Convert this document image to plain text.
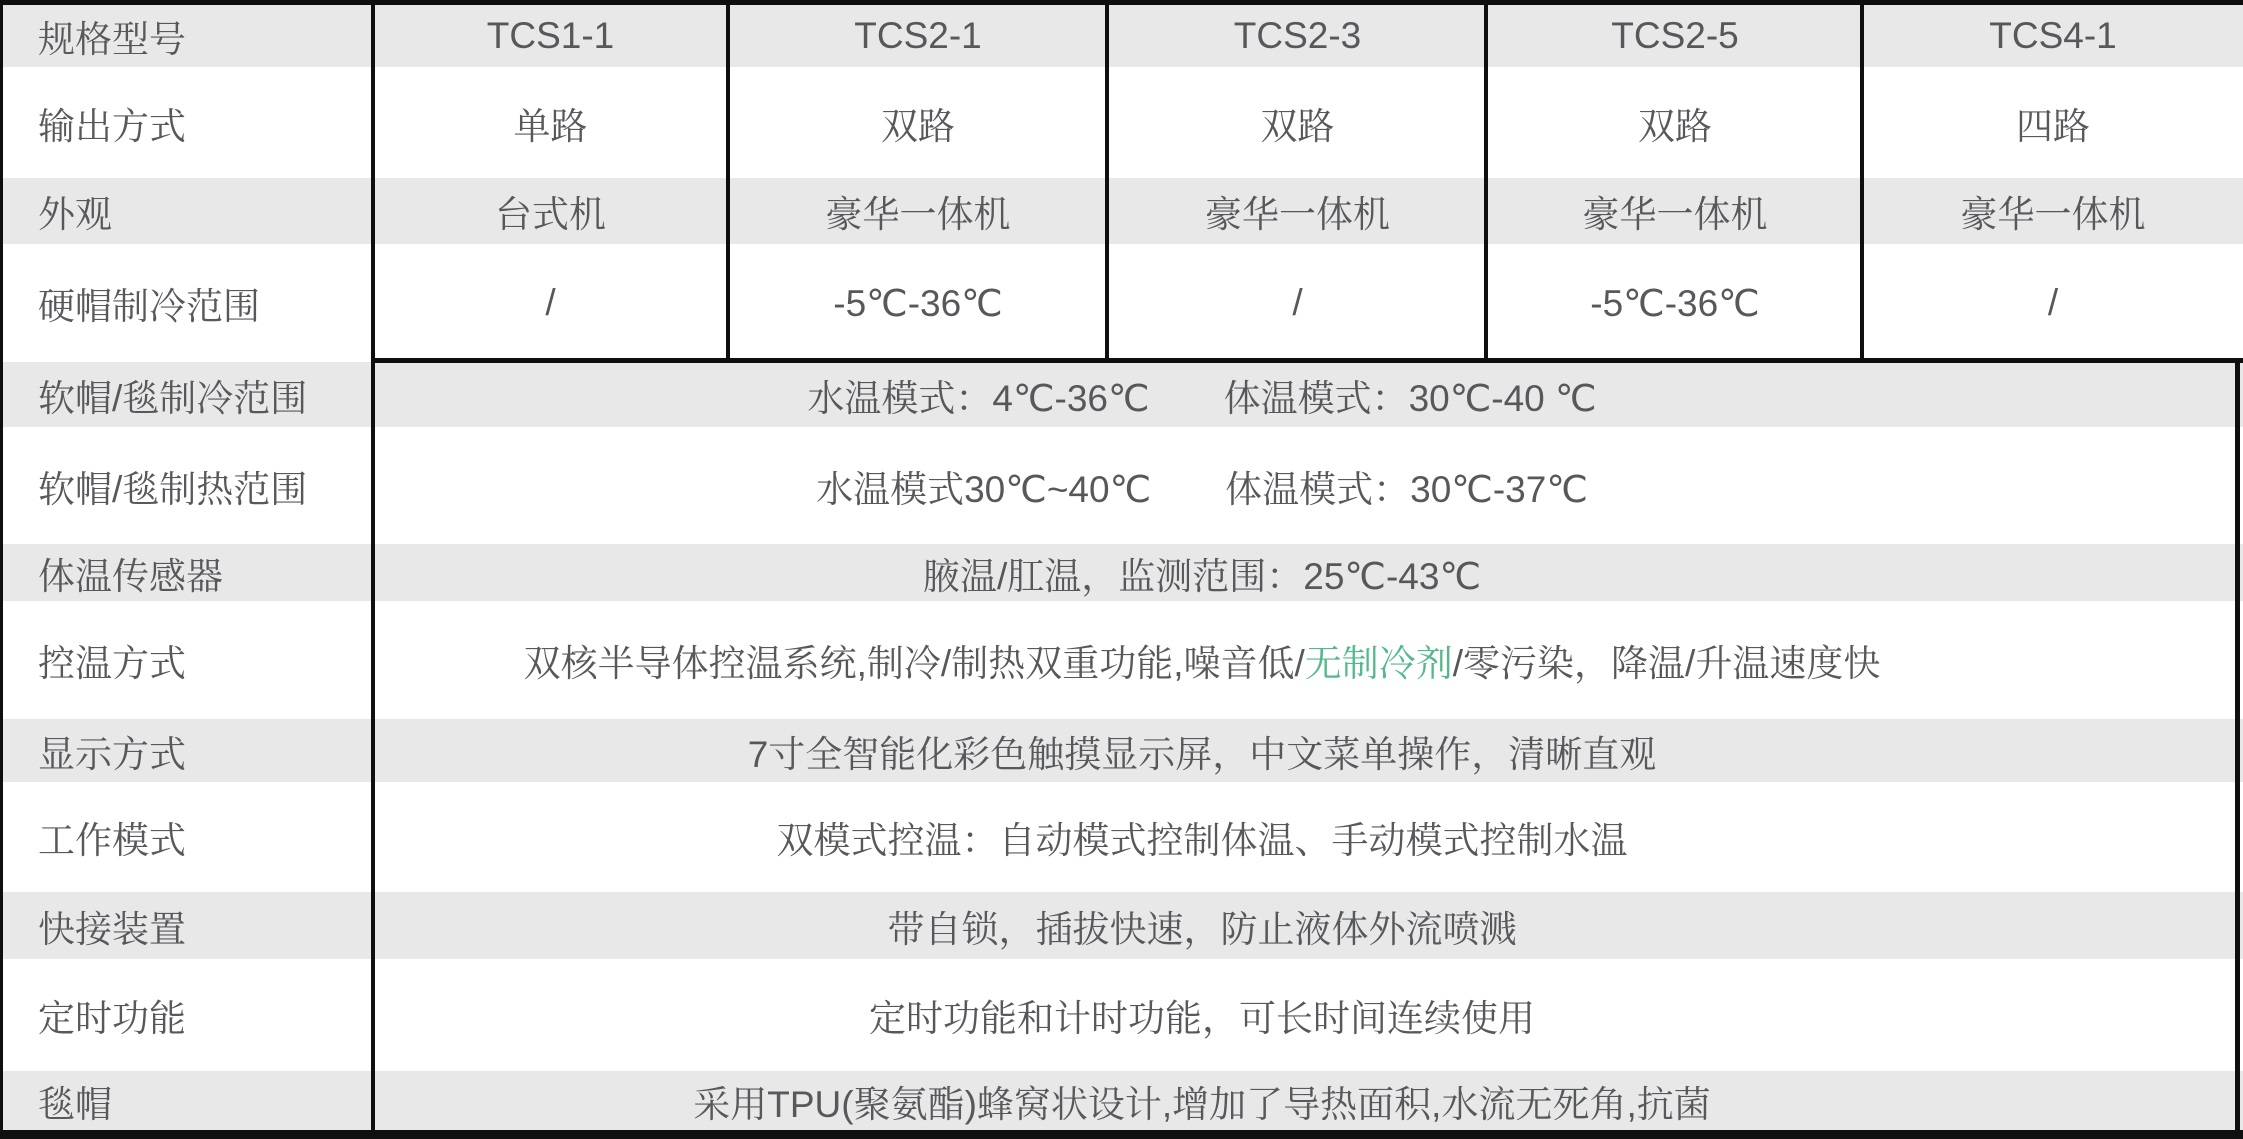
规格型号	TCS1-1	TCS2-1	TCS2-3	TCS2-5	TCS4-1
输出方式	单路	双路	双路	双路	四路
外观	台式机	豪华一体机	豪华一体机	豪华一体机	豪华一体机
硬帽制冷范围	/	-5℃-36℃	/	-5℃-36℃	/
软帽/毯制冷范围	水温模式：4℃-36℃　　体温模式：30℃-40 ℃
软帽/毯制热范围	水温模式30℃~40℃　　体温模式：30℃-37℃
体温传感器	腋温/肛温，监测范围：25℃-43℃
控温方式	双核半导体控温系统,制冷/制热双重功能,噪音低/ 无制冷剂 /零污染，降温/升温速度快
显示方式	7寸全智能化彩色触摸显示屏，中文菜单操作，清晰直观
工作模式	双模式控温：自动模式控制体温、手动模式控制水温
快接装置	带自锁，插拔快速，防止液体外流喷溅
定时功能	定时功能和计时功能，可长时间连续使用
毯帽	采用TPU(聚氨酯)蜂窝状设计,增加了导热面积,水流无死角,抗菌
